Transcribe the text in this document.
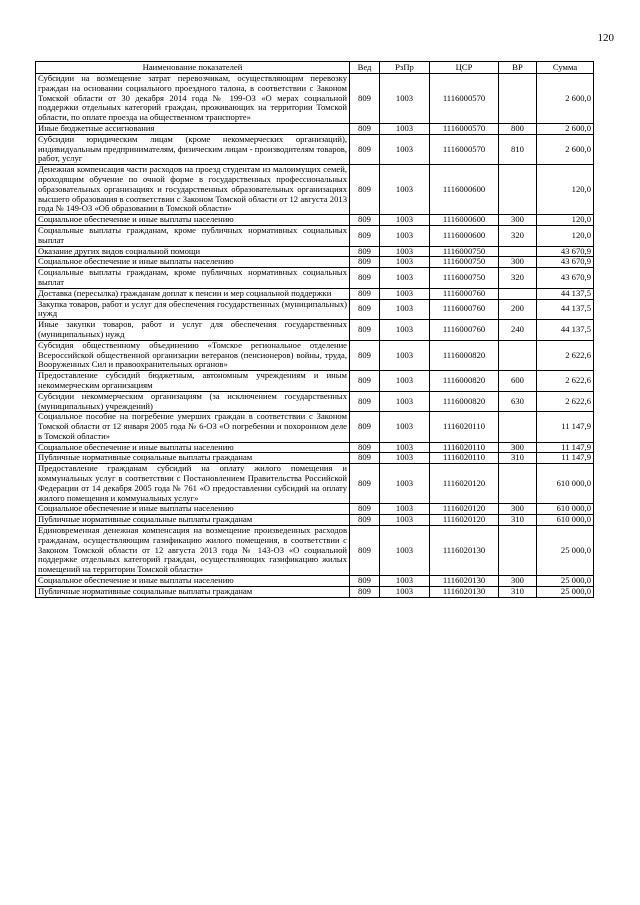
120
Наименование показателей	Вед	РзПр	ЦСР	ВР	Сумма
Субсидии на возмещение затрат перевозчикам, осуществляющим перевозку граждан на основании социального проездного талона, в соответствии с Законом Томской области от 30 декабря 2014 года № 199-ОЗ «О мерах социальной поддержки отдельных категорий граждан, проживающих на территории Томской области, по оплате проезда на общественном транспорте»	809	1003	1116000570		2 600,0
Иные бюджетные ассигнования	809	1003	1116000570	800	2 600,0
Субсидии юридическим лицам (кроме некоммерческих организаций), индивидуальным предпринимателям, физическим лицам - производителям товаров, работ, услуг	809	1003	1116000570	810	2 600,0
Денежная компенсация части расходов на проезд студентам из малоимущих семей, проходящим обучение по очной форме в государственных профессиональных образовательных организациях и государственных образовательных организациях высшего образования в соответствии с Законом Томской области от 12 августа 2013 года № 149-ОЗ «Об образовании в Томской области»	809	1003	1116000600		120,0
Социальное обеспечение и иные выплаты населению	809	1003	1116000600	300	120,0
Социальные выплаты гражданам, кроме публичных нормативных социальных выплат	809	1003	1116000600	320	120,0
Оказание других видов социальной помощи	809	1003	1116000750		43 670,9
Социальное обеспечение и иные выплаты населению	809	1003	1116000750	300	43 670,9
Социальные выплаты гражданам, кроме публичных нормативных социальных выплат	809	1003	1116000750	320	43 670,9
Доставка (пересылка) гражданам доплат к пенсии и мер социальной поддержки	809	1003	1116000760		44 137,5
Закупка товаров, работ и услуг для обеспечения государственных (муниципальных) нужд	809	1003	1116000760	200	44 137,5
Иные закупки товаров, работ и услуг для обеспечения государственных (муниципальных) нужд	809	1003	1116000760	240	44 137,5
Субсидия общественному объединению «Томское региональное отделение Всероссийской общественной организации ветеранов (пенсионеров) войны, труда, Вооруженных Сил и правоохранительных органов»	809	1003	1116000820		2 622,6
Предоставление субсидий бюджетным, автономным учреждениям и иным некоммерческим организациям	809	1003	1116000820	600	2 622,6
Субсидии некоммерческим организациям (за исключением государственных (муниципальных) учреждений)	809	1003	1116000820	630	2 622,6
Социальное пособие на погребение умерших граждан в соответствии с Законом Томской области от 12 января 2005 года № 6-ОЗ «О погребении и похоронном деле в Томской области»	809	1003	1116020110		11 147,9
Социальное обеспечение и иные выплаты населению	809	1003	1116020110	300	11 147,9
Публичные нормативные социальные выплаты гражданам	809	1003	1116020110	310	11 147,9
Предоставление гражданам субсидий на оплату жилого помещения и коммунальных услуг в соответствии с Постановлением Правительства Российской Федерации от 14 декабря 2005 года № 761 «О предоставлении субсидий на оплату жилого помещения и коммунальных услуг»	809	1003	1116020120		610 000,0
Социальное обеспечение и иные выплаты населению	809	1003	1116020120	300	610 000,0
Публичные нормативные социальные выплаты гражданам	809	1003	1116020120	310	610 000,0
Единовременная денежная компенсация на возмещение произведенных расходов гражданам, осуществляющим газификацию жилого помещения, в соответствии с Законом Томской области от 12 августа 2013 года № 143-ОЗ «О социальной поддержке отдельных категорий граждан, осуществляющих газификацию жилых помещений на территории Томской области»	809	1003	1116020130		25 000,0
Социальное обеспечение и иные выплаты населению	809	1003	1116020130	300	25 000,0
Публичные нормативные социальные выплаты гражданам	809	1003	1116020130	310	25 000,0
